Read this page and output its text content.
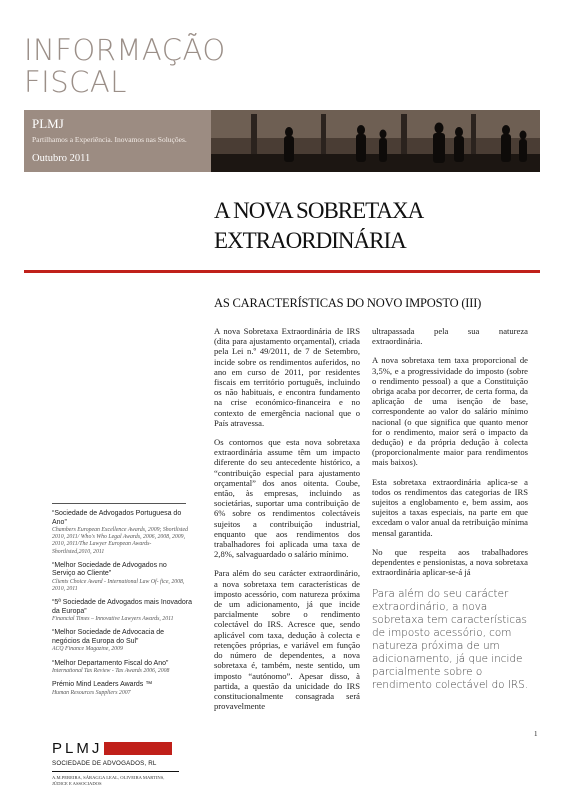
INFORMAÇÃO
FISCAL
PLMJ
Partilhamos a Experiência. Inovamos nas Soluções.
Outubro 2011
A NOVA SOBRETAXA
EXTRAORDINÁRIA
AS CARACTERÍSTICAS DO NOVO IMPOSTO (III)

A nova Sobretaxa Extraordinária de IRS (dita para ajustamento orçamental), criada pela Lei n.º 49/2011, de 7 de Setembro, incide sobre os rendimentos auferidos, no ano em curso de 2011, por residentes fiscais em território português, incluindo os não habituais, e encontra fundamento na crise económico-financeira e no contexto de emergência nacional que o País atravessa.

Os contornos que esta nova sobretaxa extraordinária assume têm um impacto diferente do seu antecedente histórico, a “contribuição especial para ajustamento orçamental” dos anos oitenta. Coube, então, às empresas, incluindo as societárias, suportar uma contribuição de 6% sobre os rendimentos colectáveis sujeitos a contribuição industrial, enquanto que aos rendimentos dos trabalhadores foi aplicada uma taxa de 2,8%, salvaguardado o salário mínimo.

Para além do seu carácter extraordinário, a nova sobretaxa tem características de imposto acessório, com natureza próxima de um adicionamento, já que incide parcialmente sobre o rendimento colectável do IRS. Acresce que, sendo aplicável com taxa, dedução à colecta e retenções próprias, e variável em função do número de dependentes, a nova sobretaxa é, também, neste sentido, um imposto “autónomo”. Apesar disso, à partida, a questão da unicidade do IRS constitucionalmente consagrada será provavelmente

ultrapassada pela sua natureza extraordinária.

A nova sobretaxa tem taxa proporcional de 3,5%, e a progressividade do imposto (sobre o rendimento pessoal) a que a Constituição obriga acaba por decorrer, de certa forma, da aplicação de uma isenção de base, correspondente ao valor do salário mínimo nacional (o que significa que quanto menor for o rendimento, maior será o impacto da dedução) e da própria dedução à colecta (proporcionalmente maior para rendimentos mais baixos).

Esta sobretaxa extraordinária aplica-se a todos os rendimentos das categorias de IRS sujeitos a englobamento e, bem assim, aos sujeitos a taxas especiais, na parte em que excedam o valor anual da retribuição mínima mensal garantida.

No que respeita aos trabalhadores dependentes e pensionistas, a nova sobretaxa extraordinária aplicar-se-á já

Para além do seu carácter extraordinário, a nova sobretaxa tem características de imposto acessório, com natureza próxima de um adicionamento, já que incide parcialmente sobre o rendimento colectável do IRS.
1
“Sociedade de Advogados Portuguesa do Ano”
Chambers European Excellence Awards, 2009; Shortlisted 2010, 2011/ Who's Who Legal Awards, 2006, 2008, 2009, 2010, 2011/The Lawyer European Awards- Shortlisted,2010, 2011
“Melhor Sociedade de Advogados no Serviço ao Cliente”
Clients Choice Award - International Law Of- fice, 2008, 2010, 2011
“5ª Sociedade de Advogados mais Inovadora da Europa”
Financial Times – Innovative Lawyers Awards, 2011
“Melhor Sociedade de Advocacia de negócios da Europa do Sul”
ACQ Finance Magazine, 2009
“Melhor Departamento Fiscal do Ano”
International Tax Review - Tax Awards 2006, 2008
Prémio Mind Leaders Awards ™
Human Resources Suppliers 2007
PLMJ
SOCIEDADE DE ADVOGADOS, RL
A.M.PEREIRA, SÁRAGGA LEAL, OLIVEIRA MARTINS, JÚDICE E ASSOCIADOS
